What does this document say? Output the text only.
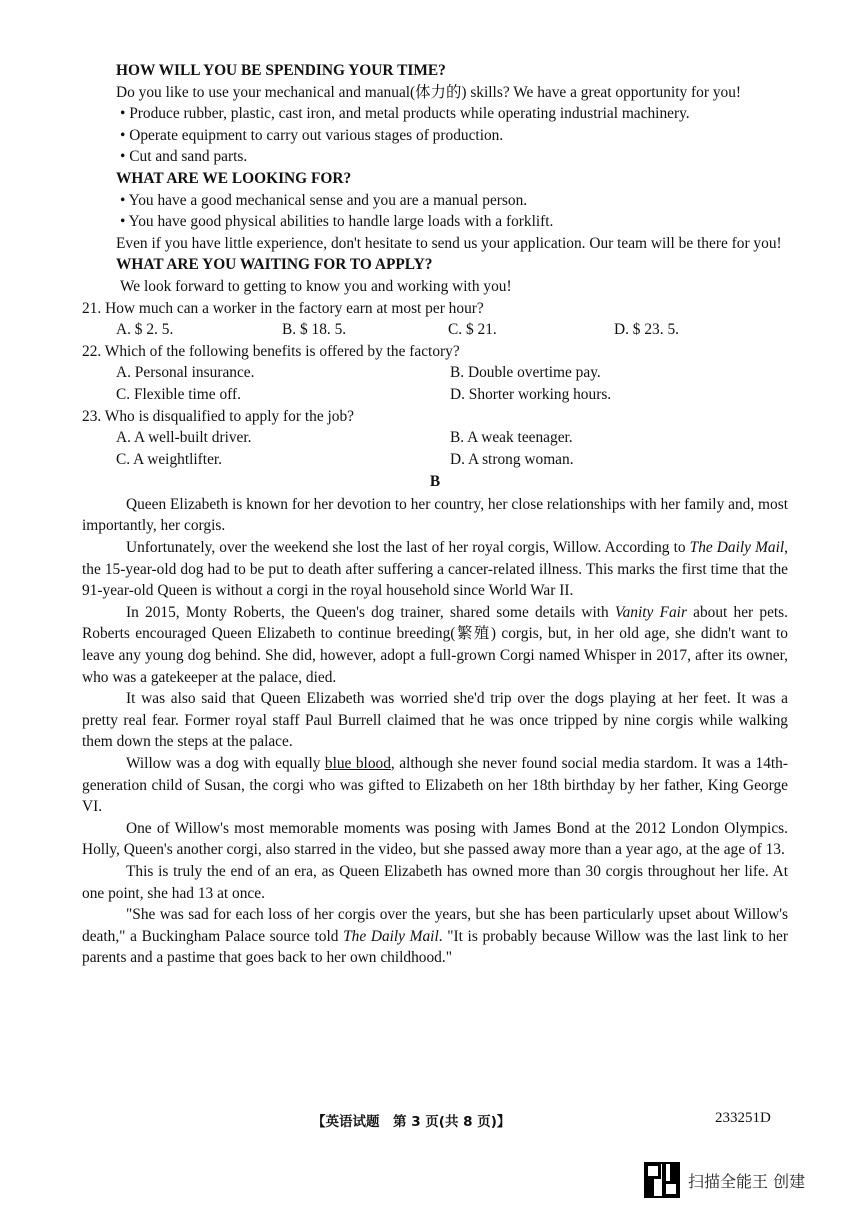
HOW WILL YOU BE SPENDING YOUR TIME?
Do you like to use your mechanical and manual(体力的) skills? We have a great opportunity for you!
• Produce rubber, plastic, cast iron, and metal products while operating industrial machinery.
• Operate equipment to carry out various stages of production.
• Cut and sand parts.
WHAT ARE WE LOOKING FOR?
• You have a good mechanical sense and you are a manual person.
• You have good physical abilities to handle large loads with a forklift.
Even if you have little experience, don't hesitate to send us your application. Our team will be there for you!
WHAT ARE YOU WAITING FOR TO APPLY?
We look forward to getting to know you and working with you!
21. How much can a worker in the factory earn at most per hour?
A. $ 2. 5.	B. $ 18. 5.	C. $ 21.	D. $ 23. 5.
22. Which of the following benefits is offered by the factory?
A. Personal insurance.	B. Double overtime pay.
C. Flexible time off.	D. Shorter working hours.
23. Who is disqualified to apply for the job?
A. A well-built driver.	B. A weak teenager.
C. A weightlifter.	D. A strong woman.
B
Queen Elizabeth is known for her devotion to her country, her close relationships with her family and, most importantly, her corgis.
Unfortunately, over the weekend she lost the last of her royal corgis, Willow. According to The Daily Mail, the 15-year-old dog had to be put to death after suffering a cancer-related illness. This marks the first time that the 91-year-old Queen is without a corgi in the royal household since World War II.
In 2015, Monty Roberts, the Queen's dog trainer, shared some details with Vanity Fair about her pets. Roberts encouraged Queen Elizabeth to continue breeding(繁殖) corgis, but, in her old age, she didn't want to leave any young dog behind. She did, however, adopt a full-grown Corgi named Whisper in 2017, after its owner, who was a gatekeeper at the palace, died.
It was also said that Queen Elizabeth was worried she'd trip over the dogs playing at her feet. It was a pretty real fear. Former royal staff Paul Burrell claimed that he was once tripped by nine corgis while walking them down the steps at the palace.
Willow was a dog with equally blue blood, although she never found social media stardom. It was a 14th-generation child of Susan, the corgi who was gifted to Elizabeth on her 18th birthday by her father, King George VI.
One of Willow's most memorable moments was posing with James Bond at the 2012 London Olympics. Holly, Queen's another corgi, also starred in the video, but she passed away more than a year ago, at the age of 13.
This is truly the end of an era, as Queen Elizabeth has owned more than 30 corgis throughout her life. At one point, she had 13 at once.
"She was sad for each loss of her corgis over the years, but she has been particularly upset about Willow's death," a Buckingham Palace source told The Daily Mail. "It is probably because Willow was the last link to her parents and a pastime that goes back to her own childhood."
【英语试题　第 3 页(共 8 页)】	233251D
扫描全能王 创建
